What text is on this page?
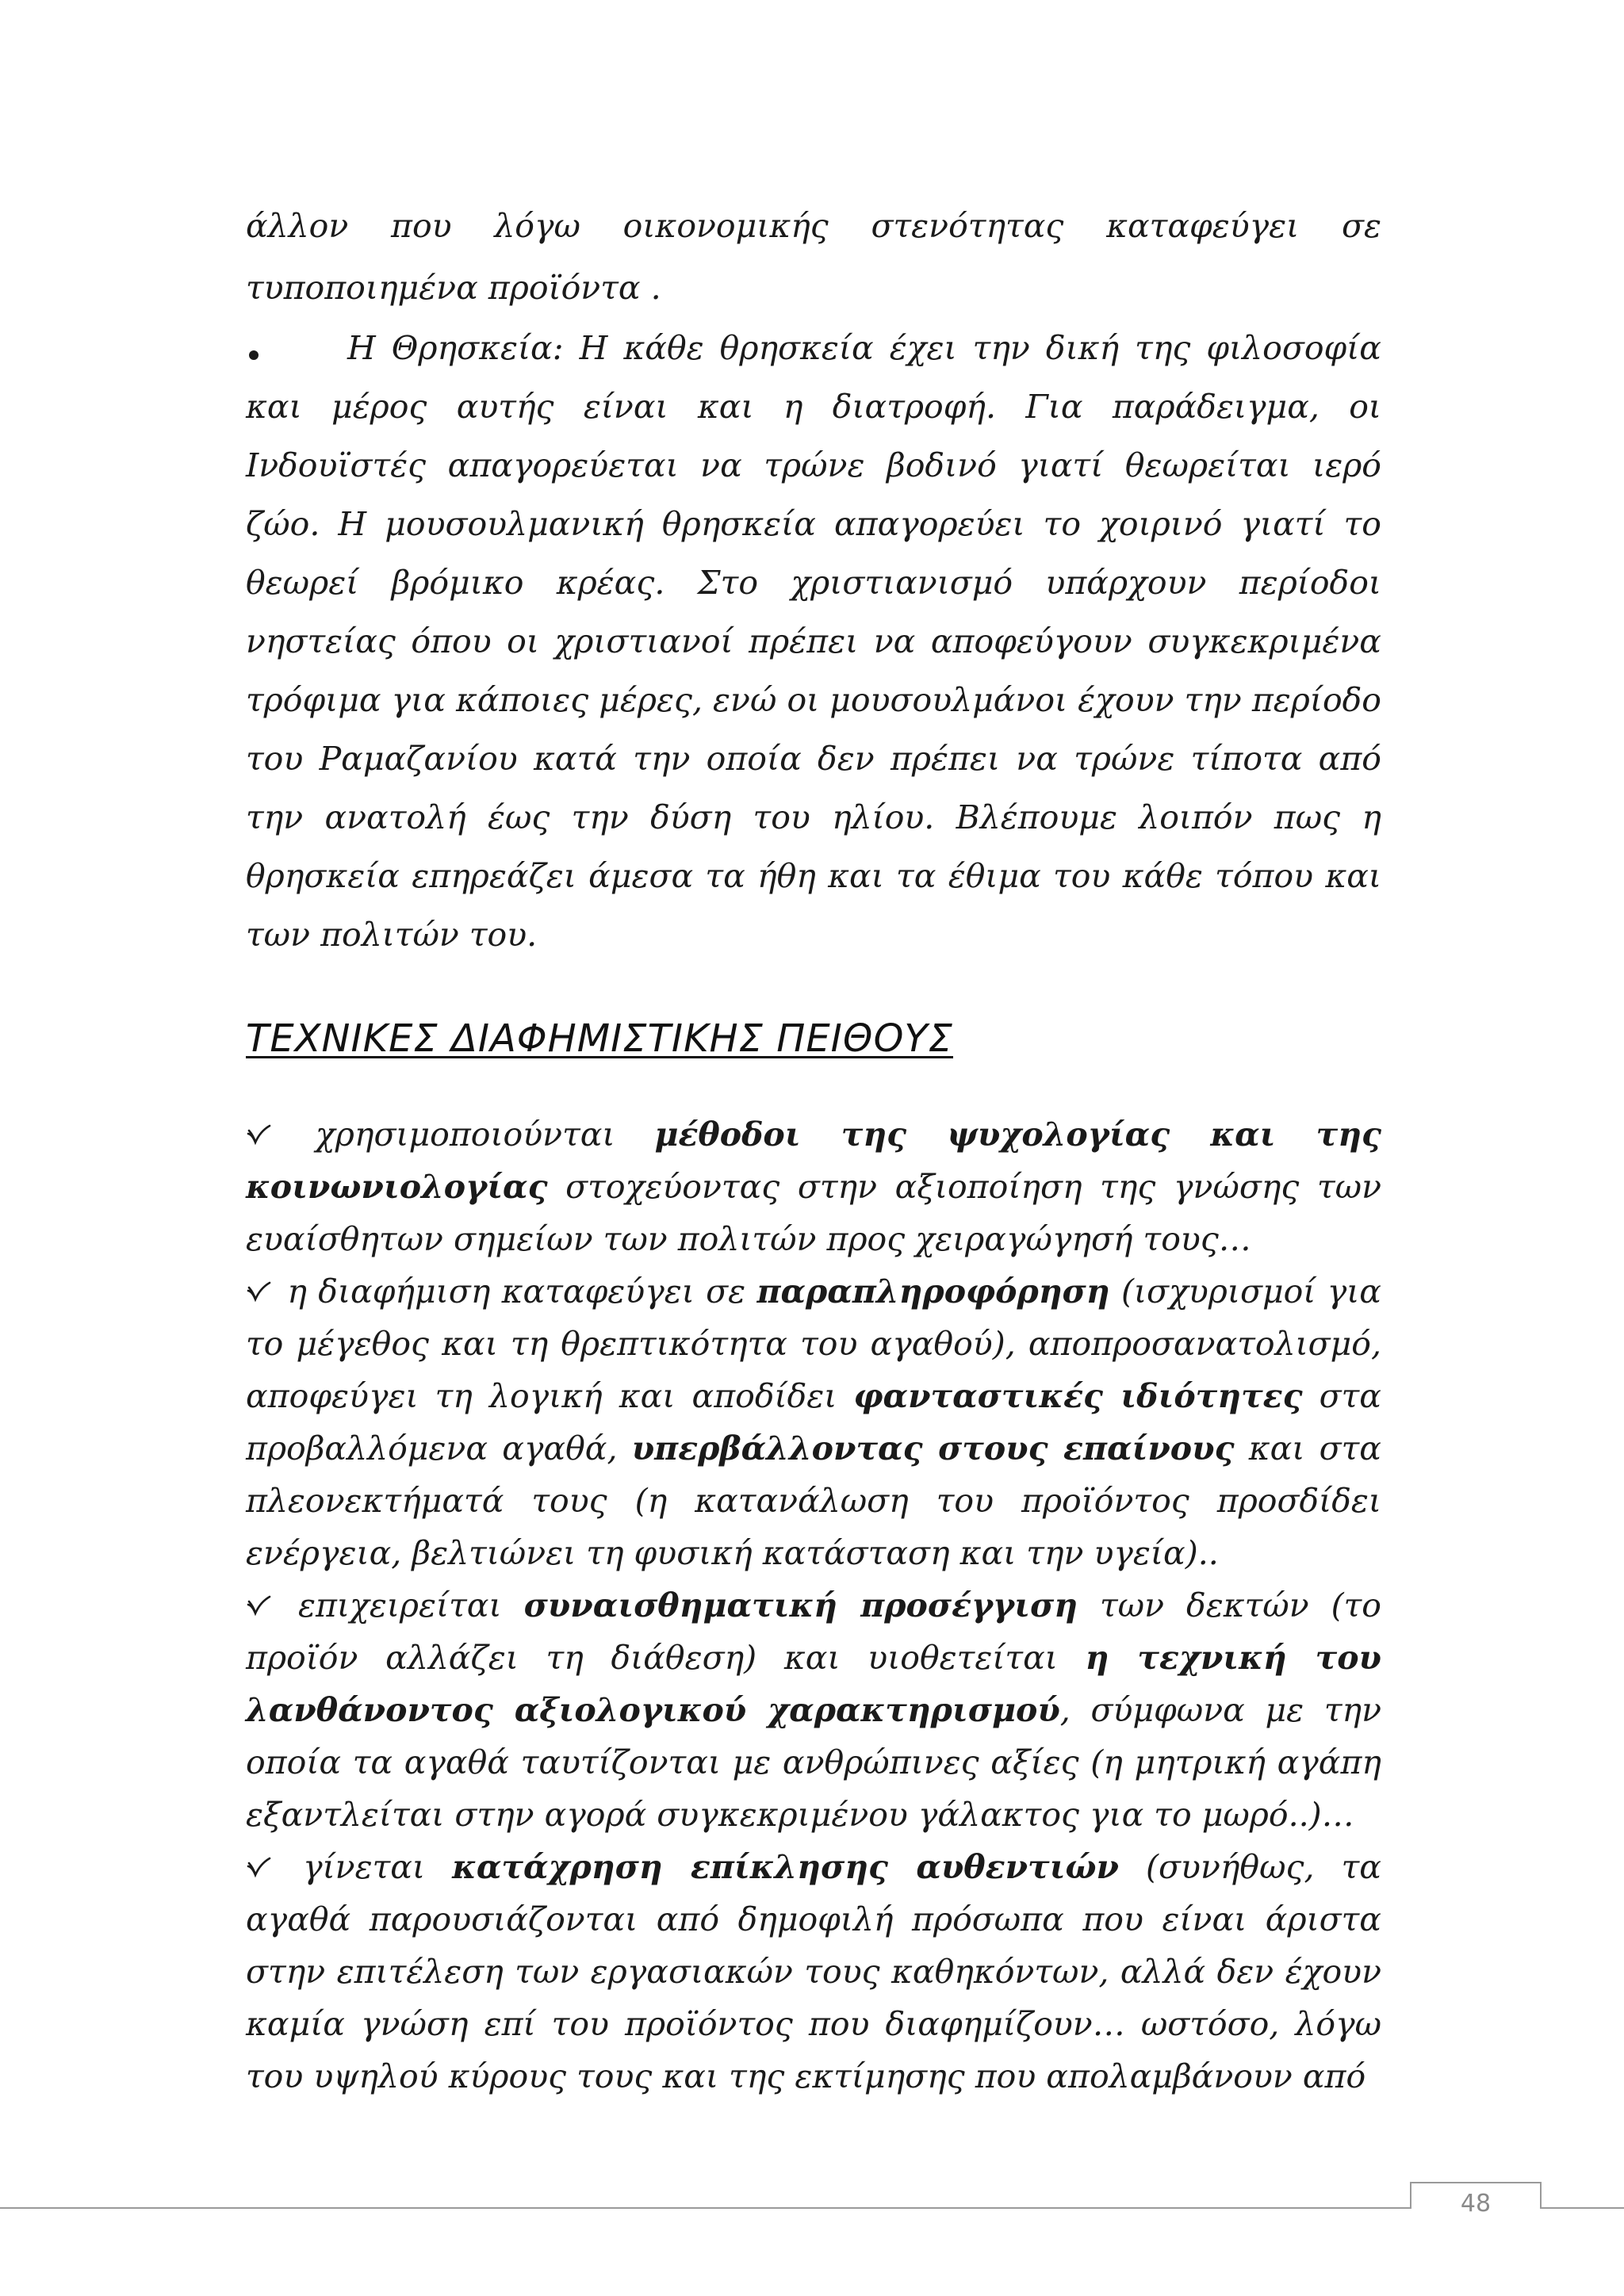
άλλον που λόγω οικονομικής στενότητας καταφεύγει σε τυποποιημένα προϊόντα .

Η Θρησκεία: Η κάθε θρησκεία έχει την δική της φιλοσοφία και μέρος αυτής είναι και η διατροφή. Για παράδειγμα, οι Ινδουϊστές απαγορεύεται να τρώνε βοδινό γιατί θεωρείται ιερό ζώο. Η μουσουλμανική θρησκεία απαγορεύει το χοιρινό γιατί το θεωρεί βρόμικο κρέας. Στο χριστιανισμό υπάρχουν περίοδοι νηστείας όπου οι χριστιανοί πρέπει να αποφεύγουν συγκεκριμένα τρόφιμα για κάποιες μέρες, ενώ οι μουσουλμάνοι έχουν την περίοδο του Ραμαζανίου κατά την οποία δεν πρέπει να τρώνε τίποτα από την ανατολή έως την δύση του ηλίου. Βλέπουμε λοιπόν πως η θρησκεία επηρεάζει άμεσα τα ήθη και τα έθιμα του κάθε τόπου και των πολιτών του.

ΤΕΧΝΙΚΕΣ ΔΙΑΦΗΜΙΣΤΙΚΗΣ ΠΕΙΘΟΥΣ

χρησιμοποιούνται μέθοδοι της ψυχολογίας και της κοινωνιολογίας στοχεύοντας στην αξιοποίηση της γνώσης των ευαίσθητων σημείων των πολιτών προς χειραγώγησή τους…

η διαφήμιση καταφεύγει σε παραπληροφόρηση (ισχυρισμοί για το μέγεθος και τη θρεπτικότητα του αγαθού), αποπροσανατολισμό, αποφεύγει τη λογική και αποδίδει φανταστικές ιδιότητες στα προβαλλόμενα αγαθά, υπερβάλλοντας στους επαίνους και στα πλεονεκτήματά τους (η κατανάλωση του προϊόντος προσδίδει ενέργεια, βελτιώνει τη φυσική κατάσταση και την υγεία)..

επιχειρείται συναισθηματική προσέγγιση των δεκτών (το προϊόν αλλάζει τη διάθεση) και υιοθετείται η τεχνική του λανθάνοντος αξιολογικού χαρακτηρισμού, σύμφωνα με την οποία τα αγαθά ταυτίζονται με ανθρώπινες αξίες (η μητρική αγάπη εξαντλείται στην αγορά συγκεκριμένου γάλακτος για το μωρό..)…

γίνεται κατάχρηση επίκλησης αυθεντιών (συνήθως, τα αγαθά παρουσιάζονται από δημοφιλή πρόσωπα που είναι άριστα στην επιτέλεση των εργασιακών τους καθηκόντων, αλλά δεν έχουν καμία γνώση επί του προϊόντος που διαφημίζουν… ωστόσο, λόγω του υψηλού κύρους τους και της εκτίμησης που απολαμβάνουν από

48
